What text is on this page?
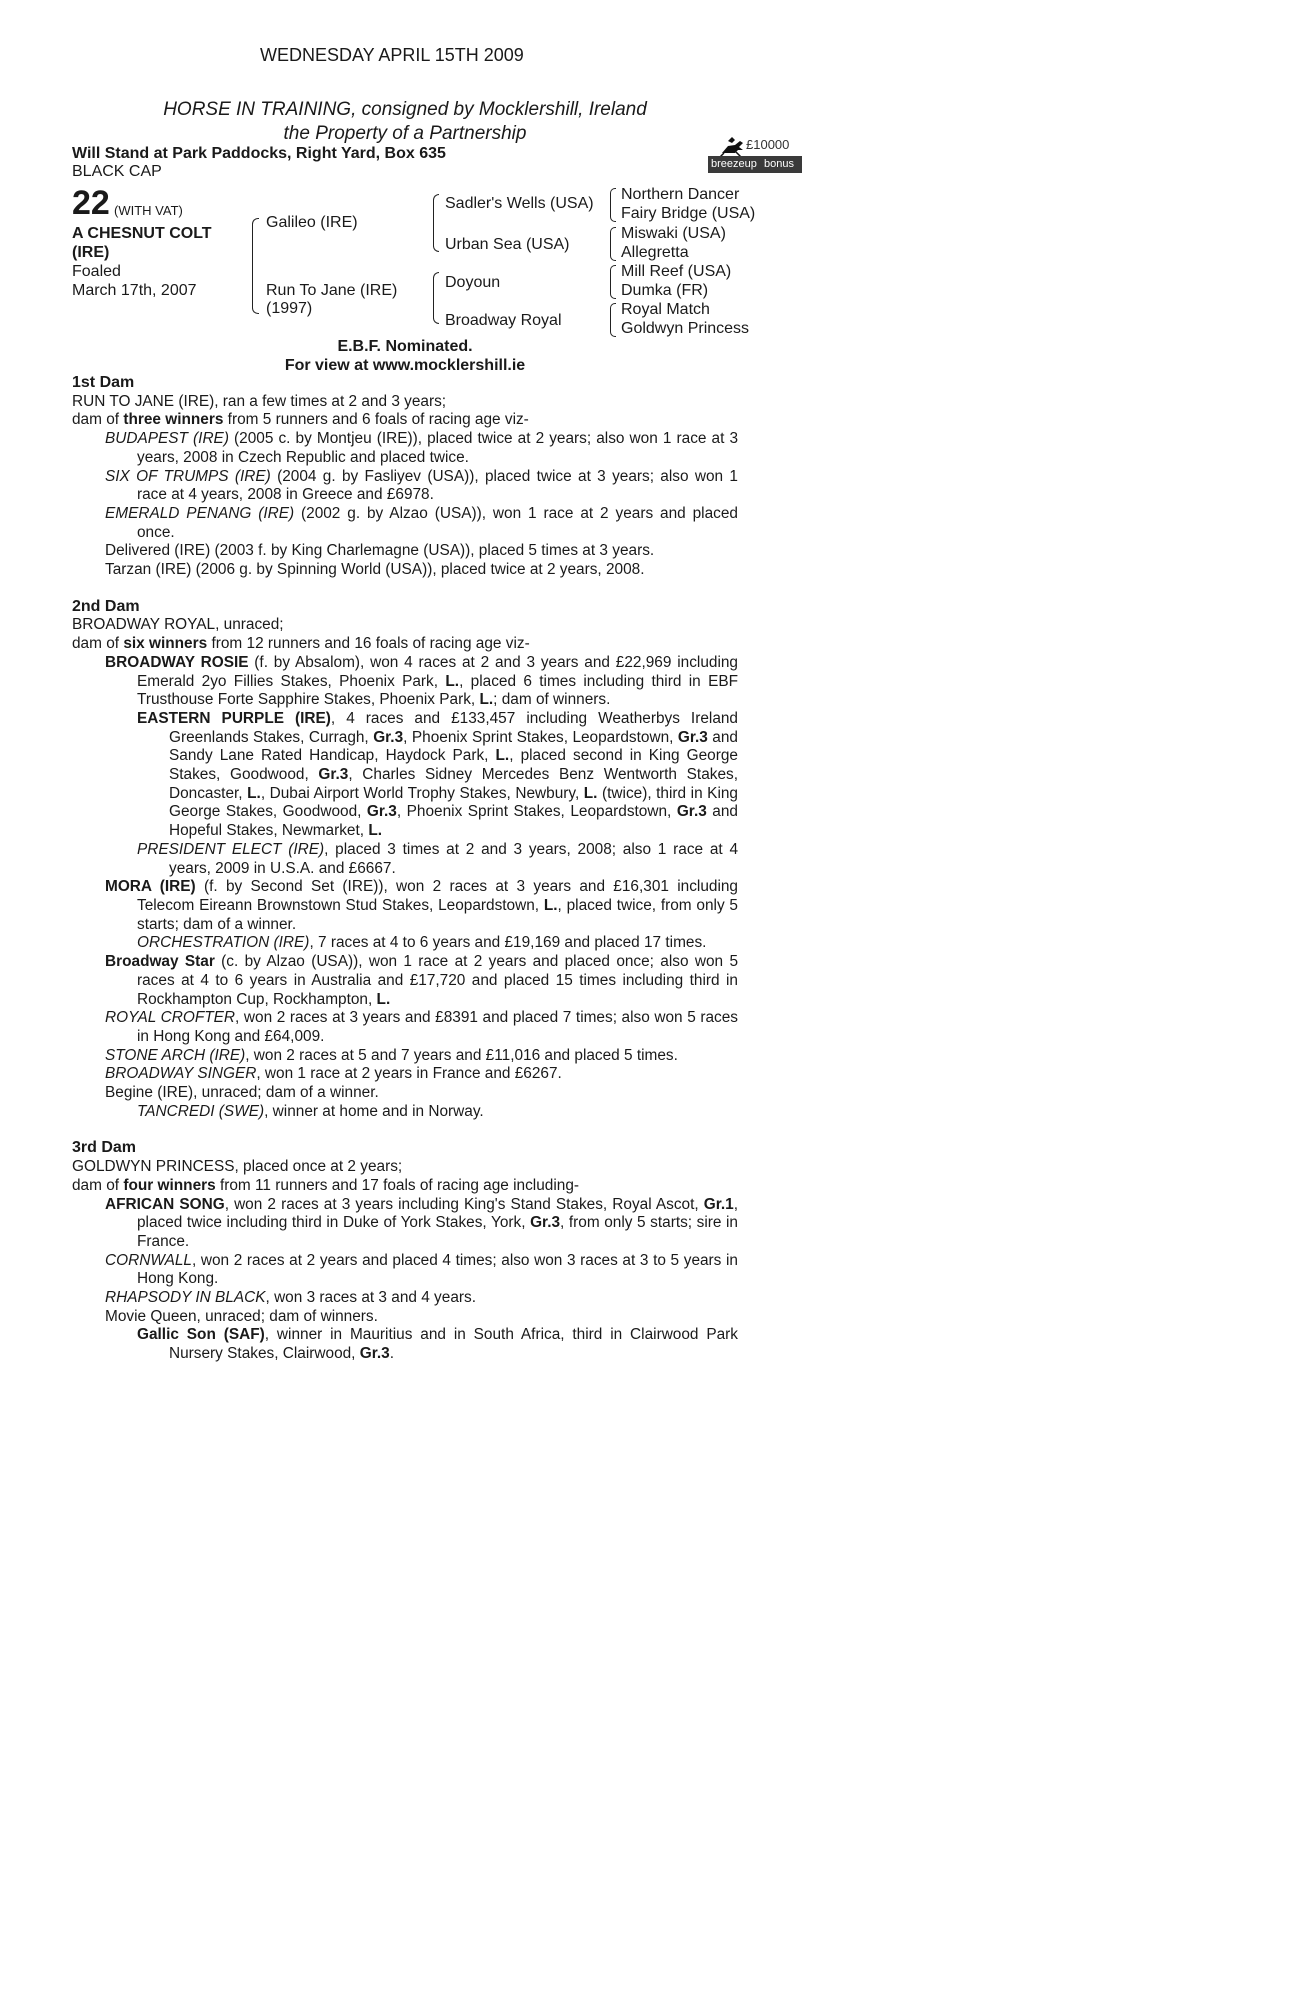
WEDNESDAY APRIL 15TH 2009
HORSE IN TRAINING, consigned by Mocklershill, Ireland
the Property of a Partnership
Will Stand at Park Paddocks, Right Yard, Box 635
BLACK CAP
£10000
breezeup bonus
22 (WITH VAT)
A CHESNUT COLT
(IRE)
Foaled
March 17th, 2007
Galileo (IRE)
Run To Jane (IRE)
(1997)
Sadler's Wells (USA)
Urban Sea (USA)
Doyoun
Broadway Royal
Northern Dancer
Fairy Bridge (USA)
Miswaki (USA)
Allegretta
Mill Reef (USA)
Dumka (FR)
Royal Match
Goldwyn Princess
E.B.F. Nominated.
For view at www.mocklershill.ie

1st Dam

RUN TO JANE (IRE), ran a few times at 2 and 3 years;

dam of three winners from 5 runners and 6 foals of racing age viz-

BUDAPEST (IRE) (2005 c. by Montjeu (IRE)), placed twice at 2 years; also won 1 race at 3 years, 2008 in Czech Republic and placed twice.

SIX OF TRUMPS (IRE) (2004 g. by Fasliyev (USA)), placed twice at 3 years; also won 1 race at 4 years, 2008 in Greece and £6978.

EMERALD PENANG (IRE) (2002 g. by Alzao (USA)), won 1 race at 2 years and placed once.

Delivered (IRE) (2003 f. by King Charlemagne (USA)), placed 5 times at 3 years.

Tarzan (IRE) (2006 g. by Spinning World (USA)), placed twice at 2 years, 2008.

2nd Dam

BROADWAY ROYAL, unraced;

dam of six winners from 12 runners and 16 foals of racing age viz-

BROADWAY ROSIE (f. by Absalom), won 4 races at 2 and 3 years and £22,969 including Emerald 2yo Fillies Stakes, Phoenix Park, L., placed 6 times including third in EBF Trusthouse Forte Sapphire Stakes, Phoenix Park, L.; dam of winners.

EASTERN PURPLE (IRE), 4 races and £133,457 including Weatherbys Ireland Greenlands Stakes, Curragh, Gr.3, Phoenix Sprint Stakes, Leopardstown, Gr.3 and Sandy Lane Rated Handicap, Haydock Park, L., placed second in King George Stakes, Goodwood, Gr.3, Charles Sidney Mercedes Benz Wentworth Stakes, Doncaster, L., Dubai Airport World Trophy Stakes, Newbury, L. (twice), third in King George Stakes, Goodwood, Gr.3, Phoenix Sprint Stakes, Leopardstown, Gr.3 and Hopeful Stakes, Newmarket, L.

PRESIDENT ELECT (IRE), placed 3 times at 2 and 3 years, 2008; also 1 race at 4 years, 2009 in U.S.A. and £6667.

MORA (IRE) (f. by Second Set (IRE)), won 2 races at 3 years and £16,301 including Telecom Eireann Brownstown Stud Stakes, Leopardstown, L., placed twice, from only 5 starts; dam of a winner.

ORCHESTRATION (IRE), 7 races at 4 to 6 years and £19,169 and placed 17 times.

Broadway Star (c. by Alzao (USA)), won 1 race at 2 years and placed once; also won 5 races at 4 to 6 years in Australia and £17,720 and placed 15 times including third in Rockhampton Cup, Rockhampton, L.

ROYAL CROFTER, won 2 races at 3 years and £8391 and placed 7 times; also won 5 races in Hong Kong and £64,009.

STONE ARCH (IRE), won 2 races at 5 and 7 years and £11,016 and placed 5 times.

BROADWAY SINGER, won 1 race at 2 years in France and £6267.

Begine (IRE), unraced; dam of a winner.

TANCREDI (SWE), winner at home and in Norway.

3rd Dam

GOLDWYN PRINCESS, placed once at 2 years;

dam of four winners from 11 runners and 17 foals of racing age including-

AFRICAN SONG, won 2 races at 3 years including King's Stand Stakes, Royal Ascot, Gr.1, placed twice including third in Duke of York Stakes, York, Gr.3, from only 5 starts; sire in France.

CORNWALL, won 2 races at 2 years and placed 4 times; also won 3 races at 3 to 5 years in Hong Kong.

RHAPSODY IN BLACK, won 3 races at 3 and 4 years.

Movie Queen, unraced; dam of winners.

Gallic Son (SAF), winner in Mauritius and in South Africa, third in Clairwood Park Nursery Stakes, Clairwood, Gr.3.
